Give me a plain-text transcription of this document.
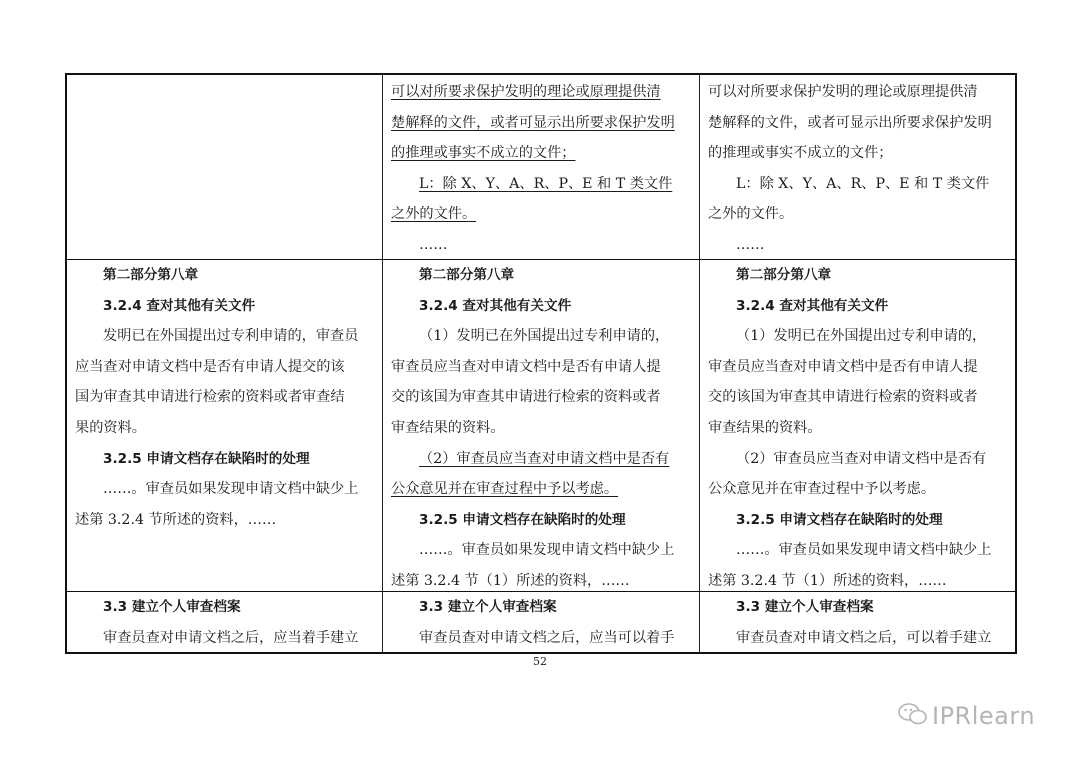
可以对所要求保护发明的理论或原理提供清
楚解释的文件，或者可显示出所要求保护发明
的推理或事实不成立的文件；
L：除 X、Y、A、R、P、E 和 T 类文件
之外的文件。
……
可以对所要求保护发明的理论或原理提供清
楚解释的文件，或者可显示出所要求保护发明
的推理或事实不成立的文件；
L：除 X、Y、A、R、P、E 和 T 类文件
之外的文件。
……
第二部分第八章
3.2.4 查对其他有关文件
发明已在外国提出过专利申请的，审查员
应当查对申请文档中是否有申请人提交的该
国为审查其申请进行检索的资料或者审查结
果的资料。
3.2.5 申请文档存在缺陷时的处理
……。审查员如果发现申请文档中缺少上
述第 3.2.4 节所述的资料，……
第二部分第八章
3.2.4 查对其他有关文件
（1）发明已在外国提出过专利申请的，
审查员应当查对申请文档中是否有申请人提
交的该国为审查其申请进行检索的资料或者
审查结果的资料。
（2）审查员应当查对申请文档中是否有
公众意见并在审查过程中予以考虑。
3.2.5 申请文档存在缺陷时的处理
……。审查员如果发现申请文档中缺少上
述第 3.2.4 节（1）所述的资料，……
第二部分第八章
3.2.4 查对其他有关文件
（1）发明已在外国提出过专利申请的，
审查员应当查对申请文档中是否有申请人提
交的该国为审查其申请进行检索的资料或者
审查结果的资料。
（2）审查员应当查对申请文档中是否有
公众意见并在审查过程中予以考虑。
3.2.5 申请文档存在缺陷时的处理
……。审查员如果发现申请文档中缺少上
述第 3.2.4 节（1）所述的资料，……
3.3 建立个人审查档案
审查员查对申请文档之后，应当着手建立
3.3 建立个人审查档案
审查员查对申请文档之后，应当可以着手
3.3 建立个人审查档案
审查员查对申请文档之后，可以着手建立
52
IPRlearn
